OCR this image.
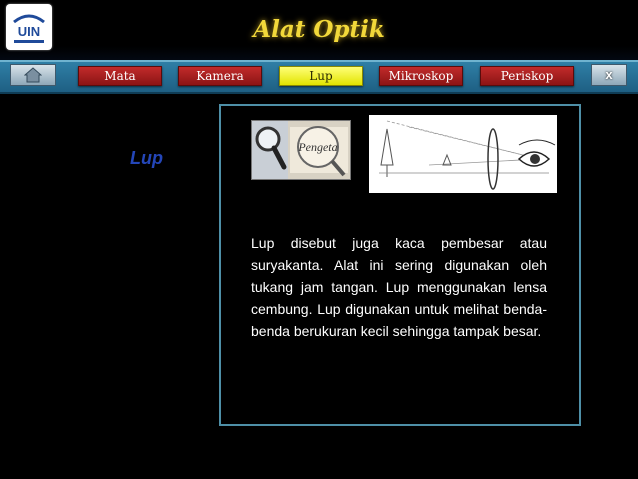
UIN	Alat Optik
Mata	Kamera	Lup	Mikroskop	Periskop	x
Lup
Pengeta
Lup disebut juga kaca pembesar atau suryakanta. Alat ini sering digunakan oleh tukang jam tangan. Lup menggunakan lensa cembung. Lup digunakan untuk melihat benda-benda berukuran kecil sehingga tampak besar.
